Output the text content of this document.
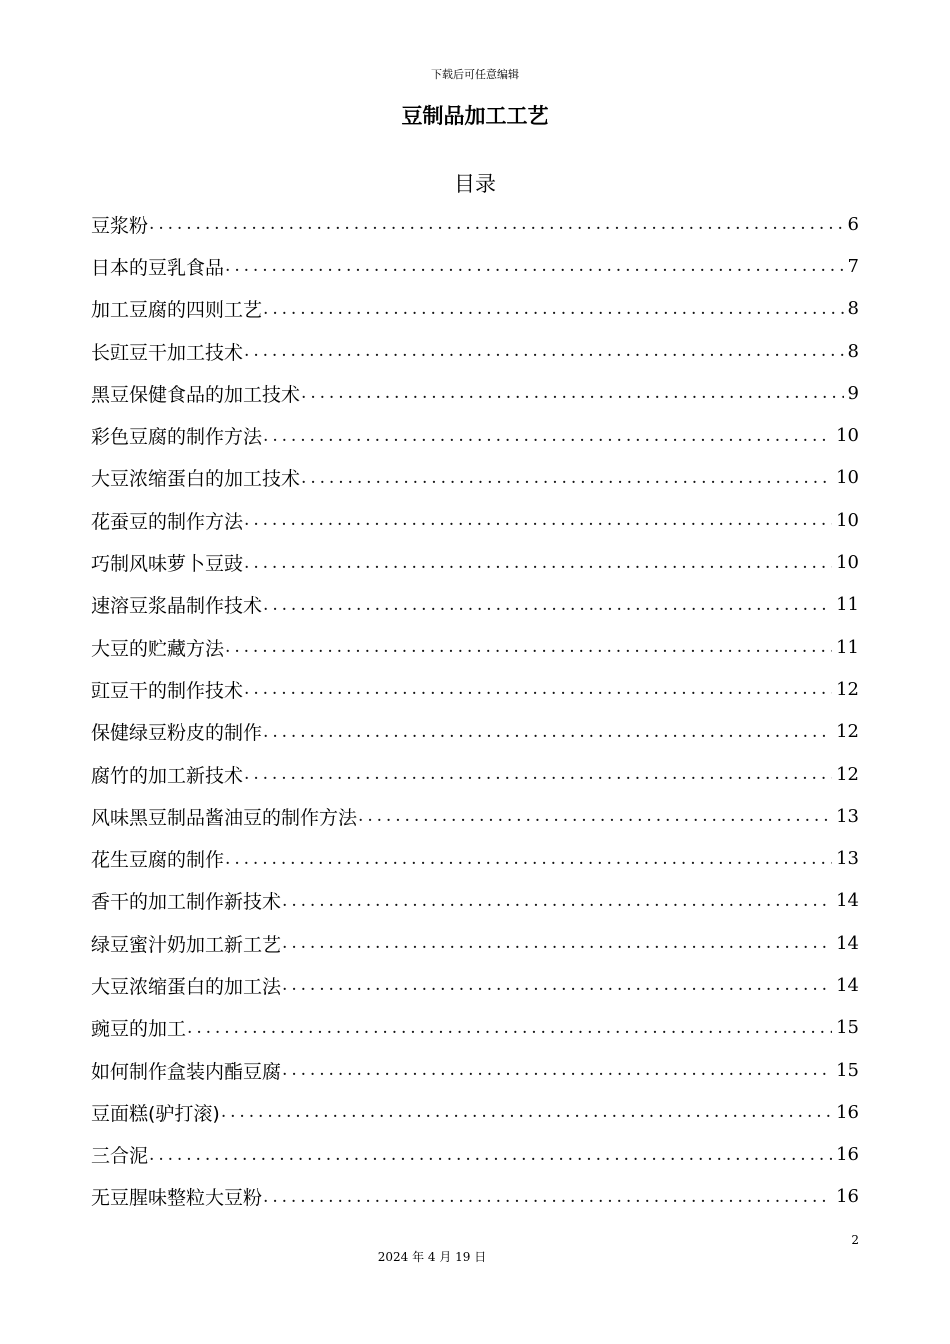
下载后可任意编辑
豆制品加工工艺
目录
豆浆粉 .....	6
日本的豆乳食品 .....	7
加工豆腐的四则工艺 .....	8
长豇豆干加工技术 .....	8
黑豆保健食品的加工技术 .....	9
彩色豆腐的制作方法 .....	10
大豆浓缩蛋白的加工技术 .....	10
花蚕豆的制作方法 .....	10
巧制风味萝卜豆豉 .....	10
速溶豆浆晶制作技术 .....	11
大豆的贮藏方法 .....	11
豇豆干的制作技术 .....	12
保健绿豆粉皮的制作 .....	12
腐竹的加工新技术 .....	12
风味黑豆制品酱油豆的制作方法 .....	13
花生豆腐的制作 .....	13
香干的加工制作新技术 .....	14
绿豆蜜汁奶加工新工艺 .....	14
大豆浓缩蛋白的加工法 .....	14
豌豆的加工 .....	15
如何制作盒装内酯豆腐 .....	15
豆面糕(驴打滚) .....	16
三合泥 .....	16
无豆腥味整粒大豆粉 .....	16
2
2024 年 4 月 19 日
